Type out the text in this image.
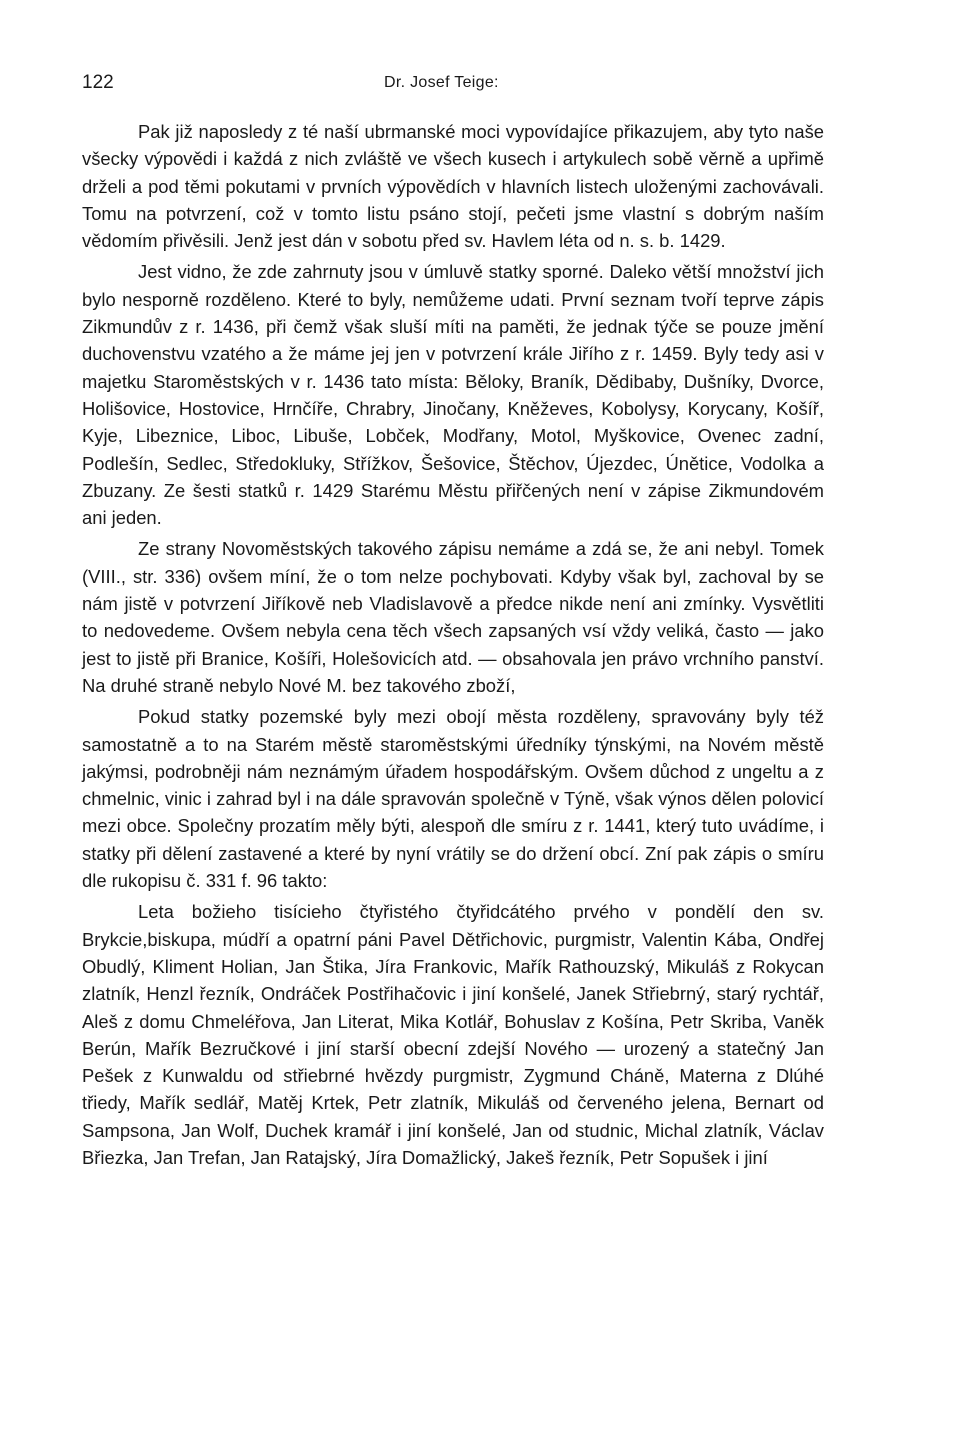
122	Dr. Josef Teige:

Pak již naposledy z té naší ubrmanské moci vypovídajíce přikazujem, aby tyto naše všecky výpovědi i každá z nich zvláště ve všech kusech i artykulech sobě věrně a upřimě drželi a pod těmi pokutami v prvních výpovědích v hlavních listech uloženými zachovávali. Tomu na potvrzení, což v tomto listu psáno stojí, pečeti jsme vlastní s dobrým naším vědomím přivěsili. Jenž jest dán v sobotu před sv. Havlem léta od n. s. b. 1429.

Jest vidno, že zde zahrnuty jsou v úmluvě statky sporné. Daleko větší množství jich bylo nesporně rozděleno. Které to byly, nemůžeme udati. První seznam tvoří teprve zápis Zikmundův z r. 1436, při čemž však sluší míti na paměti, že jednak týče se pouze jmění duchovenstvu vzatého a že máme jej jen v potvrzení krále Jiřího z r. 1459. Byly tedy asi v majetku Staroměstských v r. 1436 tato místa: Běloky, Braník, Dědibaby, Dušníky, Dvorce, Holišovice, Hostovice, Hrnčíře, Chrabry, Jinočany, Kněževes, Kobolysy, Korycany, Košíř, Kyje, Libeznice, Liboc, Libuše, Lobček, Modřany, Motol, Myškovice, Ovenec zadní, Podlešín, Sedlec, Středokluky, Střížkov, Šešovice, Štěchov, Újezdec, Únětice, Vodolka a Zbuzany. Ze šesti statků r. 1429 Starému Městu přiřčených není v zápise Zikmundovém ani jeden.

Ze strany Novoměstských takového zápisu nemáme a zdá se, že ani nebyl. Tomek (VIII., str. 336) ovšem míní, že o tom nelze pochybovati. Kdyby však byl, zachoval by se nám jistě v potvrzení Jiříkově neb Vladislavově a předce nikde není ani zmínky. Vysvětliti to nedovedeme. Ovšem nebyla cena těch všech zapsaných vsí vždy veliká, často — jako jest to jistě při Branice, Košíři, Holešovicích atd. — obsahovala jen právo vrchního panství. Na druhé straně nebylo Nové M. bez takového zboží,

Pokud statky pozemské byly mezi obojí města rozděleny, spravovány byly též samostatně a to na Starém městě staroměstskými úředníky týnskými, na Novém městě jakýmsi, podrobněji nám neznámým úřadem hospodářským. Ovšem důchod z ungeltu a z chmelnic, vinic i zahrad byl i na dále spravován společně v Týně, však výnos dělen polovicí mezi obce. Společny prozatím měly býti, alespoň dle smíru z r. 1441, který tuto uvádíme, i statky při dělení zastavené a které by nyní vrátily se do držení obcí. Zní pak zápis o smíru dle rukopisu č. 331 f. 96 takto:

Leta božieho tisícieho čtyřistého čtyřidcátého prvého v pondělí den sv. Brykcie,biskupa, múdří a opatrní páni Pavel Dětřichovic, purgmistr, Valentin Kába, Ondřej Obudlý, Kliment Holian, Jan Štika, Jíra Frankovic, Mařík Rathouzský, Mikuláš z Rokycan zlatník, Henzl řezník, Ondráček Postřihačovic i jiní konšelé, Janek Střiebrný, starý rychtář, Aleš z domu Chmeléřova, Jan Literat, Mika Kotlář, Bohuslav z Košína, Petr Skriba, Vaněk Berún, Mařík Bezručkové i jiní starší obecní zdejší Nového — urozený a statečný Jan Pešek z Kunwaldu od střiebrné hvězdy purgmistr, Zygmund Cháně, Materna z Dlúhé třiedy, Mařík sedlář, Matěj Krtek, Petr zlatník, Mikuláš od červeného jelena, Bernart od Sampsona, Jan Wolf, Duchek kramář i jiní konšelé, Jan od studnic, Michal zlatník, Václav Břiezka, Jan Trefan, Jan Ratajský, Jíra Domažlický, Jakeš řezník, Petr Sopušek i jiní
